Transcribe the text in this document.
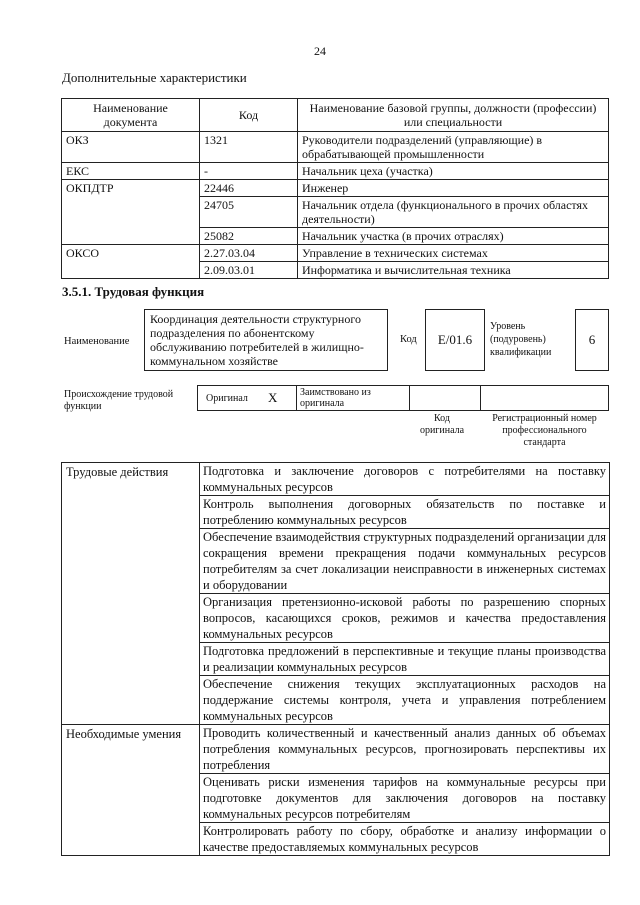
24
Дополнительные характеристики
Наименование документа	Код	Наименование базовой группы, должности (профессии) или специальности
ОКЗ	1321	Руководители подразделений (управляющие) в обрабатывающей промышленности
ЕКС	-	Начальник цеха (участка)
ОКПДТР	22446	Инженер
	24705	Начальник отдела (функционального в прочих областях деятельности)
	25082	Начальник участка (в прочих отраслях)
ОКСО	2.27.03.04	Управление в технических системах
	2.09.03.01	Информатика и вычислительная техника
3.5.1. Трудовая функция
Наименование
Координация деятельности структурного подразделения по абонентскому обслуживанию потребителей в жилищно-коммунальном хозяйстве
Код	E/01.6
Уровень (подуровень) квалификации
6
Происхождение трудовой функции
Оригинал X	Заимствовано из оригинала
Код оригинала
Регистрационный номер профессионального стандарта
Трудовые действия	Подготовка и заключение договоров с потребителями на поставку коммунальных ресурсов
	Контроль выполнения договорных обязательств по поставке и потреблению коммунальных ресурсов
	Обеспечение взаимодействия структурных подразделений организации для сокращения времени прекращения подачи коммунальных ресурсов потребителям за счет локализации неисправности в инженерных системах и оборудовании
	Организация претензионно-исковой работы по разрешению спорных вопросов, касающихся сроков, режимов и качества предоставления коммунальных ресурсов
	Подготовка предложений в перспективные и текущие планы производства и реализации коммунальных ресурсов
	Обеспечение снижения текущих эксплуатационных расходов на поддержание системы контроля, учета и управления потреблением коммунальных ресурсов
Необходимые умения	Проводить количественный и качественный анализ данных об объемах потребления коммунальных ресурсов, прогнозировать перспективы их потребления
	Оценивать риски изменения тарифов на коммунальные ресурсы при подготовке документов для заключения договоров на поставку коммунальных ресурсов потребителям
	Контролировать работу по сбору, обработке и анализу информации о качестве предоставляемых коммунальных ресурсов
